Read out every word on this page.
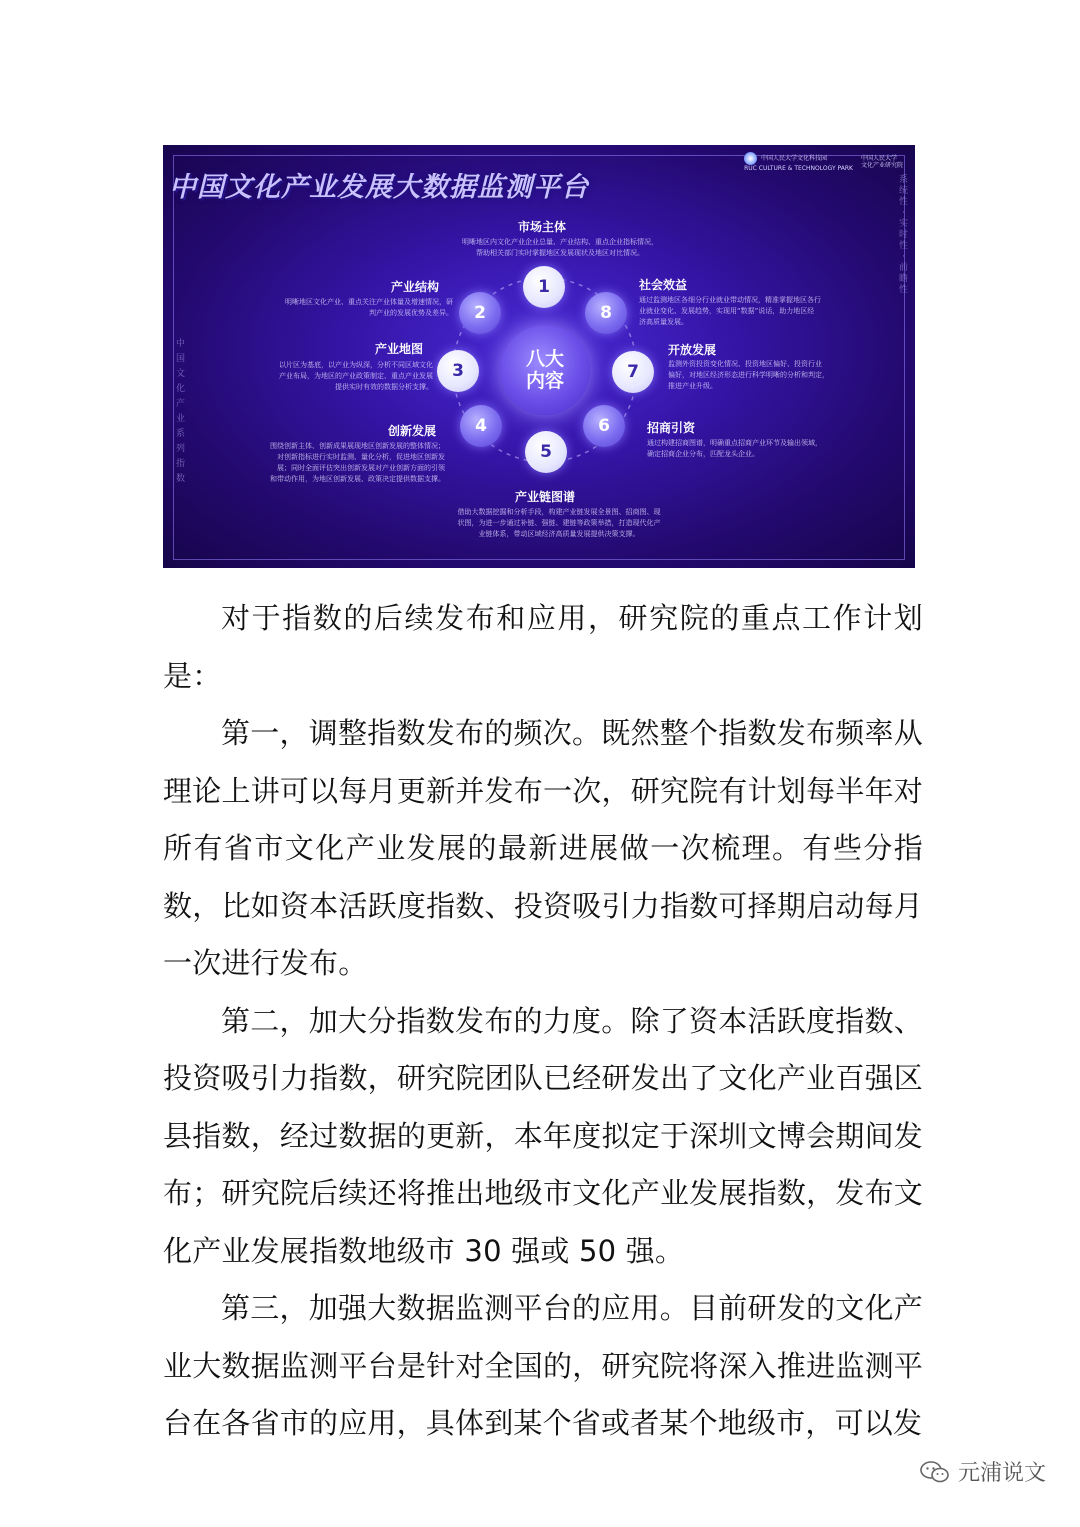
中国文化产业发展大数据监测平台
中国人民大学文化科技园
RUC CULTURE & TECHNOLOGY PARK
中国人民大学
文化产业研究院
系统性 · 实时性 · 前瞻性
中国文化产业系列指数
八大
内容
1
市场主体
明晰地区内文化产业企业总量、产业结构、重点企业指标情况，
帮助相关部门实时掌握地区发展现状及地区对比情况。
2
产业结构
明晰地区文化产业、重点关注产业体量及增速情况，研
判产业的发展优势及差异。
3
产业地图
以片区为基底，以产业为纵深，分析不同区域文化
产业布局，为地区的产业政策制定、重点产业发展
提供实时有效的数据分析支撑。
4
创新发展
围绕创新主体、创新成果展现地区创新发展的整体情况；
对创新指标进行实时监测、量化分析，促进地区创新发
展；同时全面评估突出创新发展对产业创新方面的引领
和带动作用，为地区创新发展、政策决定提供数据支撑。
5
产业链图谱
借助大数据挖掘和分析手段，构建产业链发展全景图、招商图、现
状图，为进一步通过补链、强链、建链等政策举措，打造现代化产
业链体系，带动区域经济高质量发展提供决策支撑。
6	招商引资
通过构建招商图谱，明确重点招商产业环节及输出领域，
确定招商企业分布，匹配龙头企业。
7
开放发展
监测外资投资变化情况、投资地区偏好、投资行业
偏好，对地区经济形态进行科学明晰的分析和判定，
推进产业升级。
8
社会效益
通过监测地区各细分行业就业带动情况，精准掌握地区各行
业就业变化、发展趋势，实现用“数据”说话，助力地区经
济高质量发展。

对于指数的后续发布和应用，研究院的重点工作计划是：

第一，调整指数发布的频次。既然整个指数发布频率从理论上讲可以每月更新并发布一次，研究院有计划每半年对所有省市文化产业发展的最新进展做一次梳理。有些分指数，比如资本活跃度指数、投资吸引力指数可择期启动每月一次进行发布。

第二，加大分指数发布的力度。除了资本活跃度指数、投资吸引力指数，研究院团队已经研发出了文化产业百强区县指数，经过数据的更新，本年度拟定于深圳文博会期间发布；研究院后续还将推出地级市文化产业发展指数，发布文化产业发展指数地级市 30 强或 50 强。

第三，加强大数据监测平台的应用。目前研发的文化产业大数据监测平台是针对全国的，研究院将深入推进监测平台在各省市的应用，具体到某个省或者某个地级市，可以发

元浦说文
